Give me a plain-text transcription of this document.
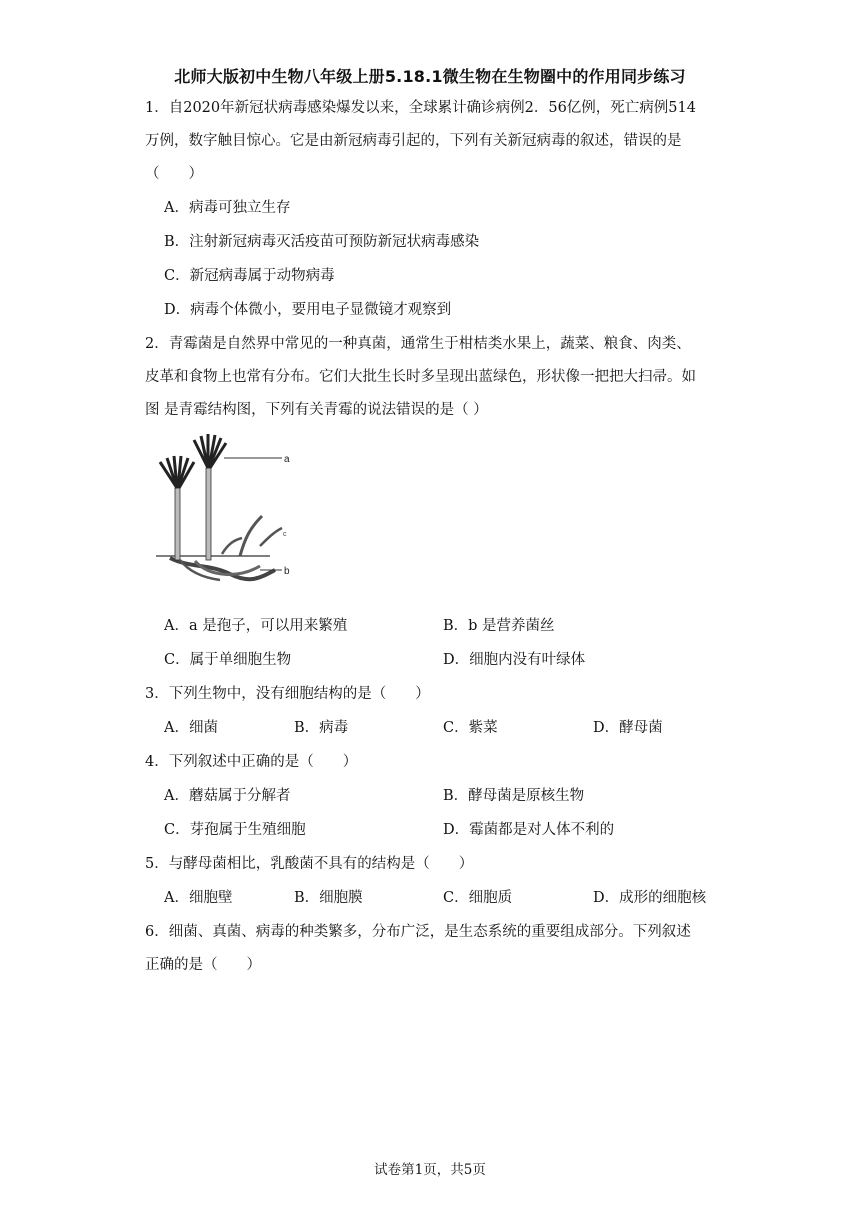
北师大版初中生物八年级上册5.18.1微生物在生物圈中的作用同步练习
1．自2020年新冠状病毒感染爆发以来，全球累计确诊病例2．56亿例，死亡病例514
万例，数字触目惊心。它是由新冠病毒引起的，下列有关新冠病毒的叙述，错误的是
（　　）
A．病毒可独立生存
B．注射新冠病毒灭活疫苗可预防新冠状病毒感染
C．新冠病毒属于动物病毒
D．病毒个体微小，要用电子显微镜才观察到
2．青霉菌是自然界中常见的一种真菌，通常生于柑桔类水果上，蔬菜、粮食、肉类、
皮革和食物上也常有分布。它们大批生长时多呈现出蓝绿色，形状像一把把大扫帚。如
图 是青霉结构图，下列有关青霉的说法错误的是（ ）
a
b
c
A．a 是孢子，可以用来繁殖	B．b 是营养菌丝
C．属于单细胞生物	D．细胞内没有叶绿体
3．下列生物中，没有细胞结构的是（　　）
A．细菌	B．病毒	C．紫菜	D．酵母菌
4．下列叙述中正确的是（　　）
A．蘑菇属于分解者	B．酵母菌是原核生物
C．芽孢属于生殖细胞	D．霉菌都是对人体不利的
5．与酵母菌相比，乳酸菌不具有的结构是（　　）
A．细胞壁	B．细胞膜	C．细胞质	D．成形的细胞核
6．细菌、真菌、病毒的种类繁多，分布广泛，是生态系统的重要组成部分。下列叙述
正确的是（　　）
试卷第1页，共5页
